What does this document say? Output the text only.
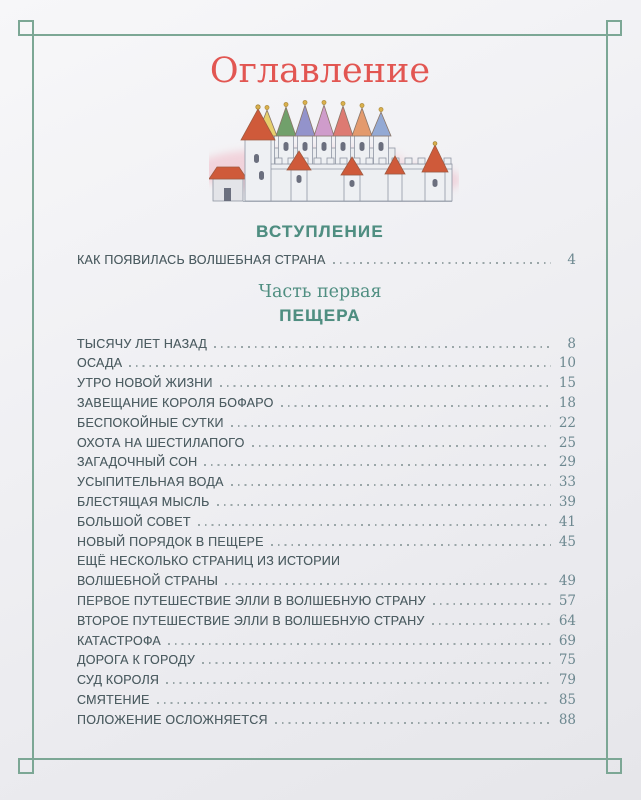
Оглавление
ВСТУПЛЕНИЕ
КАК ПОЯВИЛАСЬ ВОЛШЕБНАЯ СТРАНА	4
Часть первая
ПЕЩЕРА
ТЫСЯЧУ ЛЕТ НАЗАД	8
ОСАДА	10
УТРО НОВОЙ ЖИЗНИ	15
ЗАВЕЩАНИЕ КОРОЛЯ БОФАРО	18
БЕСПОКОЙНЫЕ СУТКИ	22
ОХОТА НА ШЕСТИЛАПОГО	25
ЗАГАДОЧНЫЙ СОН	29
УСЫПИТЕЛЬНАЯ ВОДА	33
БЛЕСТЯЩАЯ МЫСЛЬ	39
БОЛЬШОЙ СОВЕТ	41
НОВЫЙ ПОРЯДОК В ПЕЩЕРЕ	45
ЕЩЁ НЕСКОЛЬКО СТРАНИЦ ИЗ ИСТОРИИ
ВОЛШЕБНОЙ СТРАНЫ	49
ПЕРВОЕ ПУТЕШЕСТВИЕ ЭЛЛИ В ВОЛШЕБНУЮ СТРАНУ	57
ВТОРОЕ ПУТЕШЕСТВИЕ ЭЛЛИ В ВОЛШЕБНУЮ СТРАНУ	64
КАТАСТРОФА	69
ДОРОГА К ГОРОДУ	75
СУД КОРОЛЯ	79
СМЯТЕНИЕ	85
ПОЛОЖЕНИЕ ОСЛОЖНЯЕТСЯ	88
